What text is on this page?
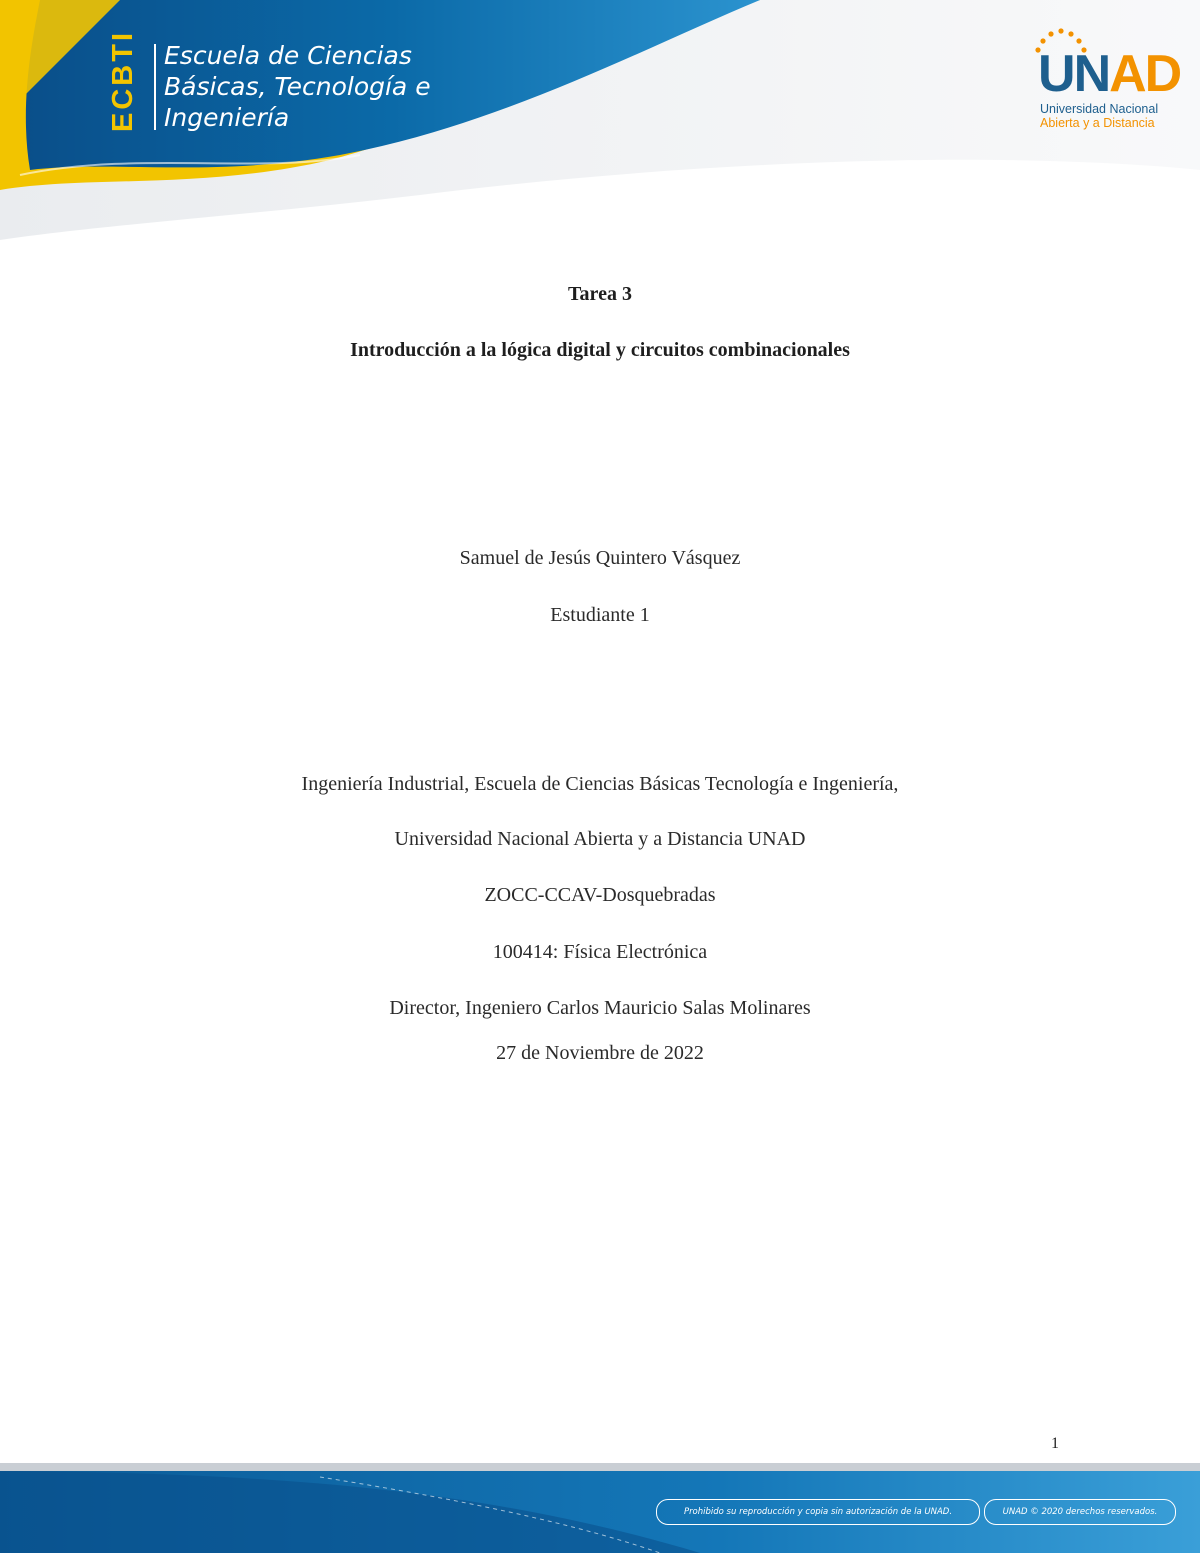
ECBTI Escuela de Ciencias
Básicas, Tecnología e
Ingeniería
UNAD
Universidad Nacional
Abierta y a Distancia
Tarea 3
Introducción a la lógica digital y circuitos combinacionales
Samuel de Jesús Quintero Vásquez
Estudiante 1
Ingeniería Industrial, Escuela de Ciencias Básicas Tecnología e Ingeniería,
Universidad Nacional Abierta y a Distancia UNAD
ZOCC-CCAV-Dosquebradas
100414: Física Electrónica
Director, Ingeniero Carlos Mauricio Salas Molinares
27 de Noviembre de 2022
1
Prohibido su reproducción y copia sin autorización de la UNAD.	UNAD © 2020 derechos reservados.
